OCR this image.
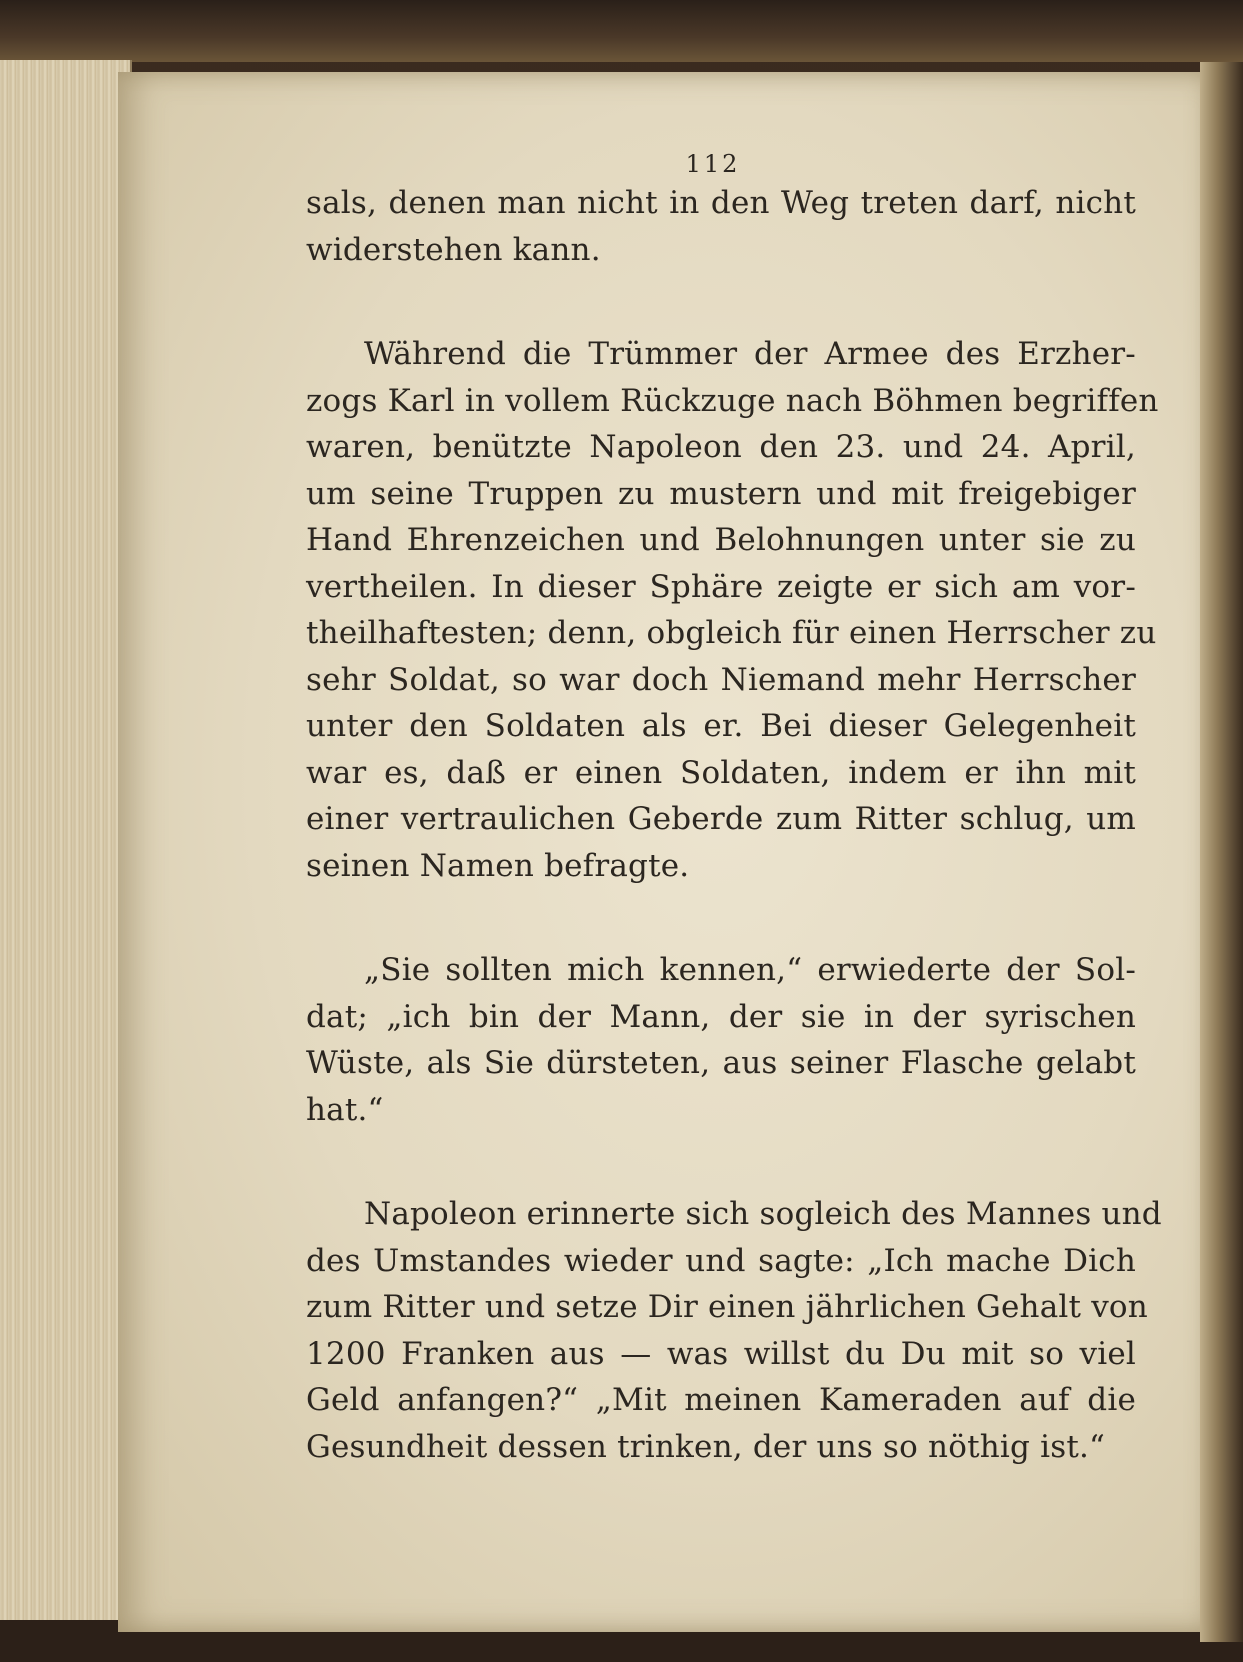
112
sals, denen man nicht in den Weg treten darf, nicht
widerstehen kann.
Während die Trümmer der Armee des Erzher-
zogs Karl in vollem Rückzuge nach Böhmen begriffen
waren, benützte Napoleon den 23. und 24. April,
um seine Truppen zu mustern und mit freigebiger
Hand Ehrenzeichen und Belohnungen unter sie zu
vertheilen. In dieser Sphäre zeigte er sich am vor-
theilhaftesten; denn, obgleich für einen Herrscher zu
sehr Soldat, so war doch Niemand mehr Herrscher
unter den Soldaten als er. Bei dieser Gelegenheit
war es, daß er einen Soldaten, indem er ihn mit
einer vertraulichen Geberde zum Ritter schlug, um
seinen Namen befragte.
„Sie sollten mich kennen,“ erwiederte der Sol-
dat; „ich bin der Mann, der sie in der syrischen
Wüste, als Sie dürsteten, aus seiner Flasche gelabt
hat.“
Napoleon erinnerte sich sogleich des Mannes und
des Umstandes wieder und sagte: „Ich mache Dich
zum Ritter und setze Dir einen jährlichen Gehalt von
1200 Franken aus — was willst du Du mit so viel
Geld anfangen?“ „Mit meinen Kameraden auf die
Gesundheit dessen trinken, der uns so nöthig ist.“
